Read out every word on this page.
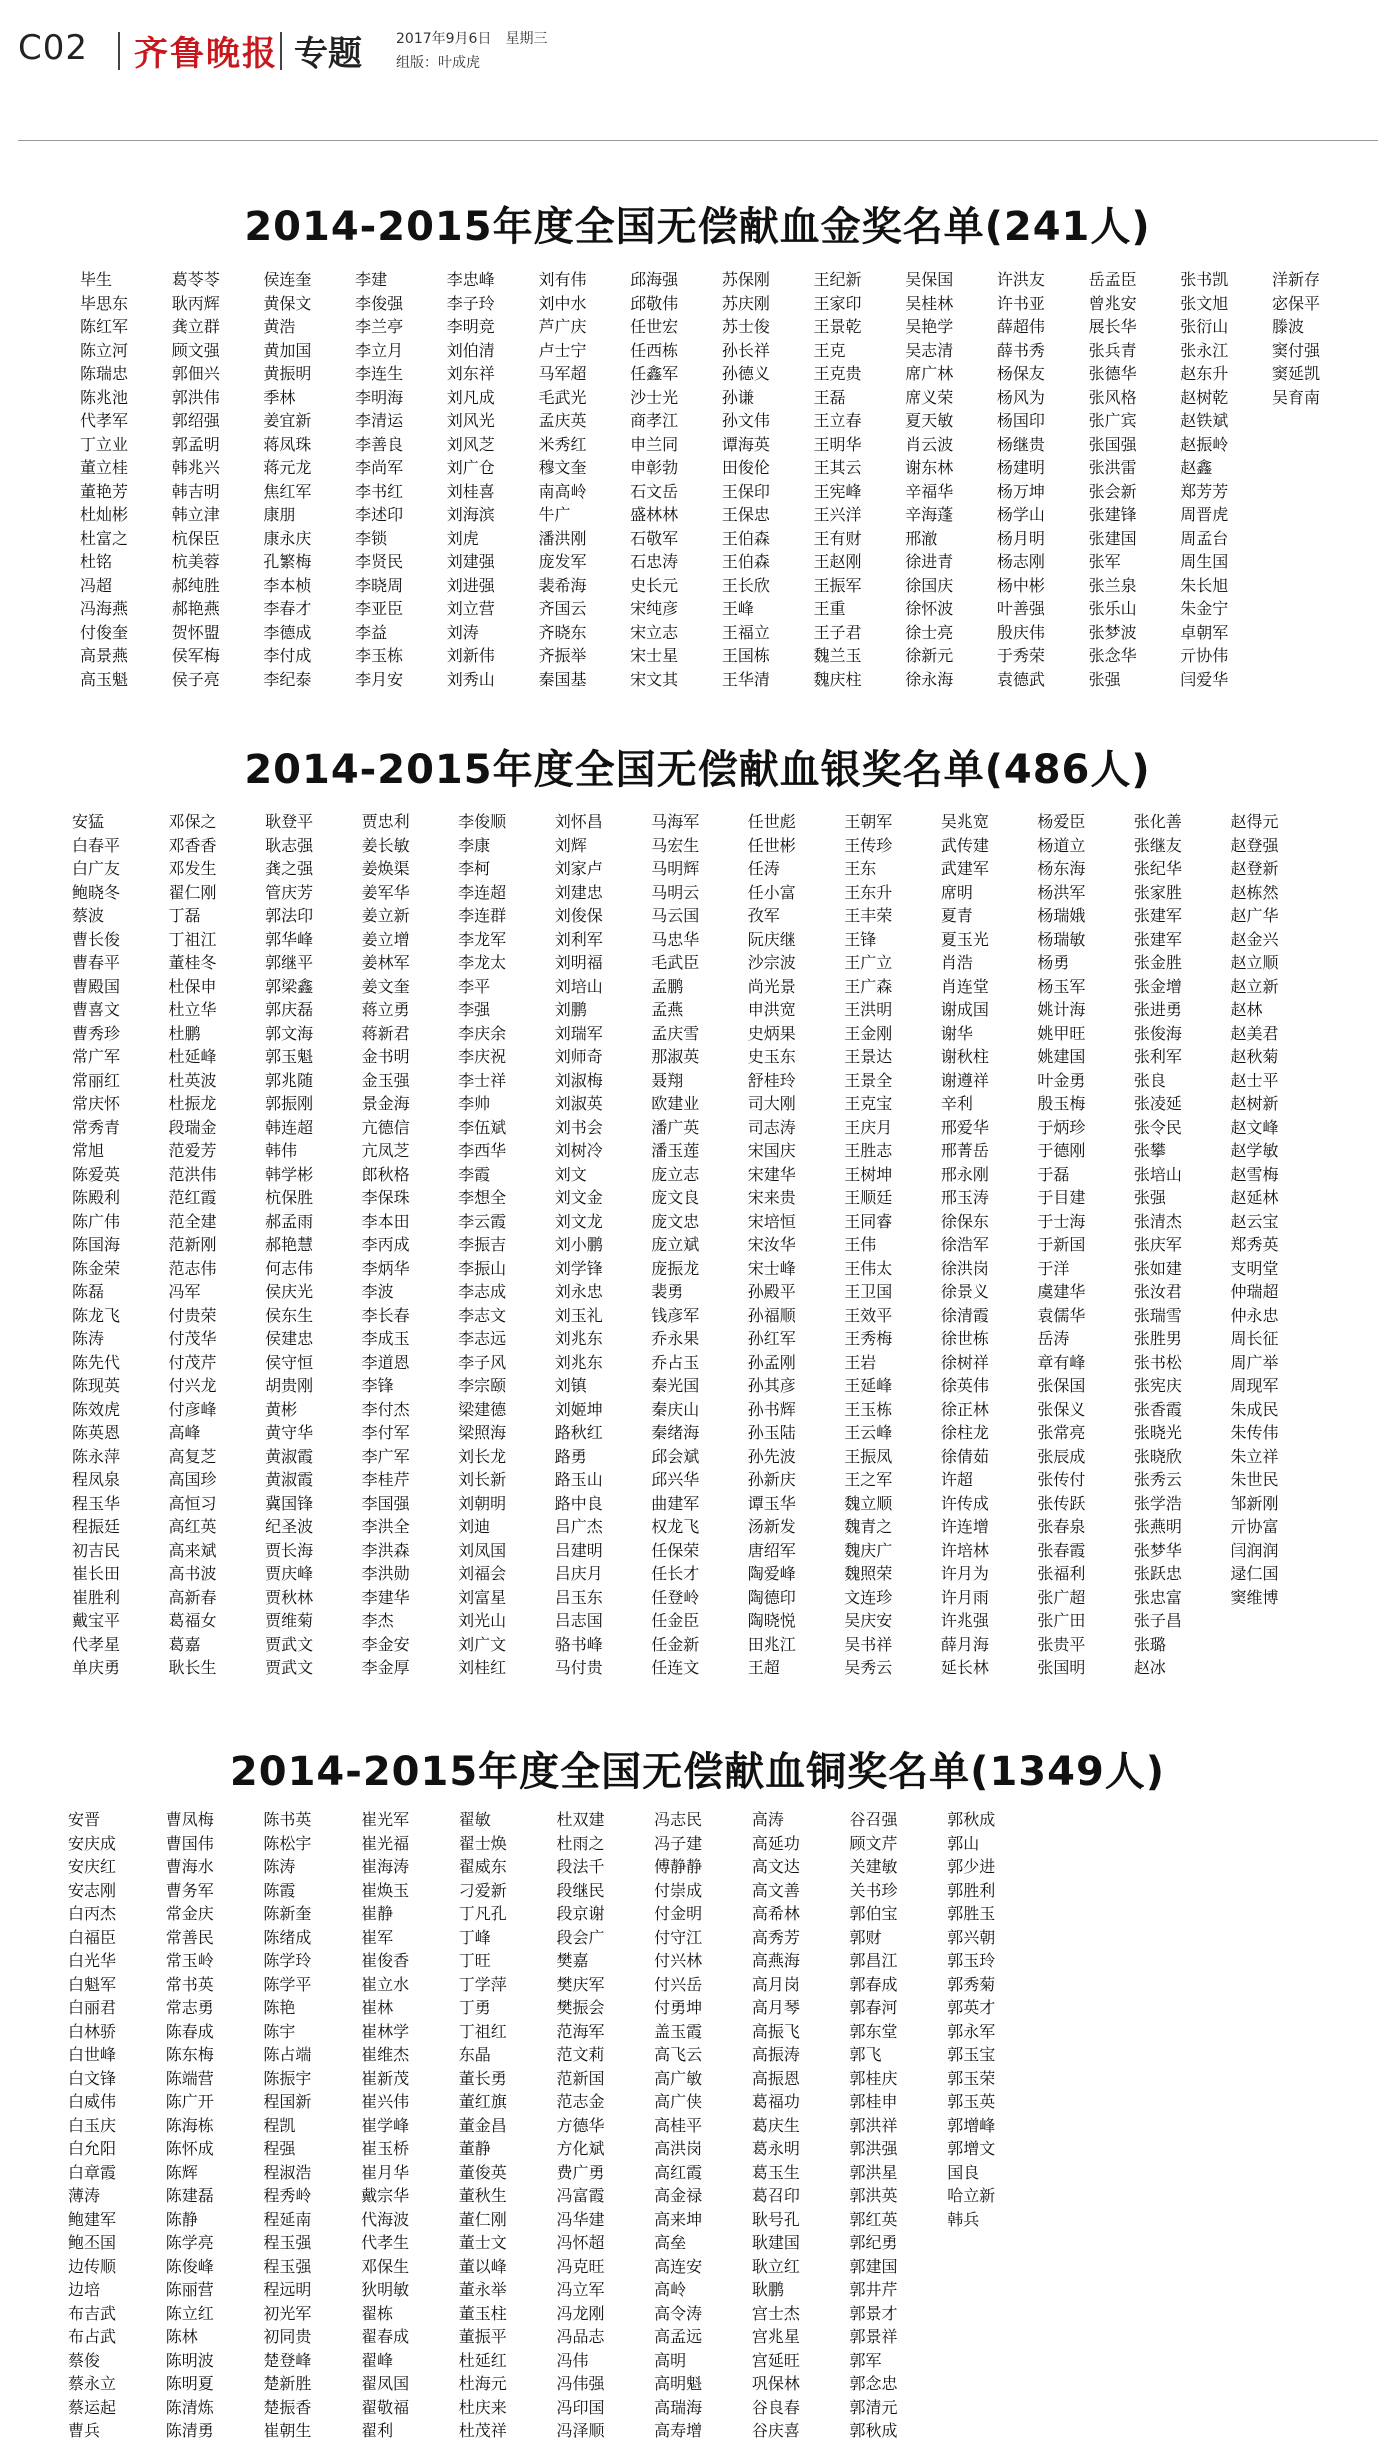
C02 齐鲁晚报 专题 2017年9月6日　星期三
组版：叶成虎
2014-2015年度全国无偿献血金奖名单(241人)
毕生
毕思东
陈红军
陈立河
陈瑞忠
陈兆池
代孝军
丁立业
董立桂
董艳芳
杜灿彬
杜富之
杜铭
冯超
冯海燕
付俊奎
高景燕
高玉魁
葛苓苓
耿丙辉
龚立群
顾文强
郭佃兴
郭洪伟
郭绍强
郭孟明
韩兆兴
韩吉明
韩立津
杭保臣
杭美蓉
郝纯胜
郝艳燕
贺怀盟
侯军梅
侯子亮
侯连奎
黄保文
黄浩
黄加国
黄振明
季林
姜宜新
蒋凤珠
蒋元龙
焦红军
康朋
康永庆
孔繁梅
李本桢
李春才
李德成
李付成
李纪泰
李建
李俊强
李兰亭
李立月
李连生
李明海
李清运
李善良
李尚军
李书红
李述印
李锁
李贤民
李晓周
李亚臣
李益
李玉栋
李月安
李忠峰
李子玲
李明竞
刘伯清
刘东祥
刘凡成
刘风光
刘风芝
刘广仓
刘桂喜
刘海滨
刘虎
刘建强
刘进强
刘立营
刘涛
刘新伟
刘秀山
刘有伟
刘中水
芦广庆
卢士宁
马军超
毛武光
孟庆英
米秀红
穆文奎
南高岭
牛广
潘洪刚
庞发军
裴希海
齐国云
齐晓东
齐振举
秦国基
邱海强
邱敬伟
任世宏
任西栋
任鑫军
沙士光
商孝江
申兰同
申彰勃
石文岳
盛林林
石敬军
石忠涛
史长元
宋纯彦
宋立志
宋士星
宋文其
苏保刚
苏庆刚
苏士俊
孙长祥
孙德义
孙谦
孙文伟
谭海英
田俊伦
王保印
王保忠
王伯森
王伯森
王长欣
王峰
王福立
王国栋
王华清
王纪新
王家印
王景乾
王克
王克贵
王磊
王立春
王明华
王其云
王宪峰
王兴洋
王有财
王赵刚
王振军
王重
王子君
魏兰玉
魏庆柱
吴保国
吴桂林
吴艳学
吴志清
席广林
席义荣
夏天敏
肖云波
谢东林
辛福华
辛海蓬
邢澈
徐进青
徐国庆
徐怀波
徐士亮
徐新元
徐永海
许洪友
许书亚
薛超伟
薛书秀
杨保友
杨风为
杨国印
杨继贵
杨建明
杨万坤
杨学山
杨月明
杨志刚
杨中彬
叶善强
殷庆伟
于秀荣
袁德武
岳孟臣
曾兆安
展长华
张兵青
张德华
张风格
张广宾
张国强
张洪雷
张会新
张建锋
张建国
张军
张兰泉
张乐山
张梦波
张念华
张强
张书凯
张文旭
张衍山
张永江
赵东升
赵树乾
赵铁斌
赵振岭
赵鑫
郑芳芳
周晋虎
周孟台
周生国
朱长旭
朱金宁
卓朝军
亓协伟
闫爱华
洋新存
宓保平
滕波
窦付强
窦延凯
吴育南
2014-2015年度全国无偿献血银奖名单(486人)
安猛
白春平
白广友
鲍晓冬
蔡波
曹长俊
曹春平
曹殿国
曹喜文
曹秀珍
常广军
常丽红
常庆怀
常秀青
常旭
陈爱英
陈殿利
陈广伟
陈国海
陈金荣
陈磊
陈龙飞
陈涛
陈先代
陈现英
陈效虎
陈英恩
陈永萍
程凤泉
程玉华
程振廷
初吉民
崔长田
崔胜利
戴宝平
代孝星
单庆勇
邓保之
邓香香
邓发生
翟仁刚
丁磊
丁祖江
董桂冬
杜保申
杜立华
杜鹏
杜延峰
杜英波
杜振龙
段瑞金
范爱芳
范洪伟
范红霞
范全建
范新刚
范志伟
冯军
付贵荣
付茂华
付茂芹
付兴龙
付彦峰
高峰
高复芝
高国珍
高恒习
高红英
高来斌
高书波
高新春
葛福女
葛嘉
耿长生
耿登平
耿志强
龚之强
管庆芳
郭法印
郭华峰
郭继平
郭梁鑫
郭庆磊
郭文海
郭玉魁
郭兆随
郭振刚
韩连超
韩伟
韩学彬
杭保胜
郝孟雨
郝艳慧
何志伟
侯庆光
侯东生
侯建忠
侯守恒
胡贵刚
黄彬
黄守华
黄淑霞
黄淑霞
冀国锋
纪圣波
贾长海
贾庆峰
贾秋林
贾维菊
贾武文
贾武文
贾忠利
姜长敏
姜焕渠
姜军华
姜立新
姜立增
姜林军
姜文奎
蒋立勇
蒋新君
金书明
金玉强
景金海
亢德信
亢凤芝
郎秋格
李保珠
李本田
李丙成
李炳华
李波
李长春
李成玉
李道恩
李锋
李付杰
李付军
李广军
李桂芹
李国强
李洪全
李洪森
李洪勋
李建华
李杰
李金安
李金厚
李俊顺
李康
李柯
李连超
李连群
李龙军
李龙太
李平
李强
李庆余
李庆祝
李士祥
李帅
李伍斌
李西华
李霞
李想全
李云霞
李振吉
李振山
李志成
李志文
李志远
李子风
李宗颐
梁建德
梁照海
刘长龙
刘长新
刘朝明
刘迪
刘凤国
刘福会
刘富星
刘光山
刘广文
刘桂红
刘怀昌
刘辉
刘家卢
刘建忠
刘俊保
刘利军
刘明福
刘培山
刘鹏
刘瑞军
刘师奇
刘淑梅
刘淑英
刘书会
刘树冷
刘文
刘文金
刘文龙
刘小鹏
刘学锋
刘永忠
刘玉礼
刘兆东
刘兆东
刘镇
刘姬坤
路秋红
路勇
路玉山
路中良
吕广杰
吕建明
吕庆月
吕玉东
吕志国
骆书峰
马付贵
马海军
马宏生
马明辉
马明云
马云国
马忠华
毛武臣
孟鹏
孟燕
孟庆雪
那淑英
聂翔
欧建业
潘广英
潘玉莲
庞立志
庞文良
庞文忠
庞立斌
庞振龙
裴勇
钱彦军
乔永果
乔占玉
秦光国
秦庆山
秦绪海
邱会斌
邱兴华
曲建军
权龙飞
任保荣
任长才
任登岭
任金臣
任金新
任连文
任世彪
任世彬
任涛
任小富
孜军
阮庆继
沙宗波
尚光景
申洪宽
史炳果
史玉东
舒桂玲
司大刚
司志涛
宋国庆
宋建华
宋来贵
宋培恒
宋汝华
宋士峰
孙殿平
孙福顺
孙红军
孙孟刚
孙其彦
孙书辉
孙玉陆
孙先波
孙新庆
谭玉华
汤新发
唐绍军
陶爱峰
陶德印
陶晓悦
田兆江
王超
王朝军
王传珍
王东
王东升
王丰荣
王锋
王广立
王广森
王洪明
王金刚
王景达
王景全
王克宝
王庆月
王胜志
王树坤
王顺廷
王同睿
王伟
王伟太
王卫国
王效平
王秀梅
王岩
王延峰
王玉栋
王云峰
王振凤
王之军
魏立顺
魏青之
魏庆广
魏照荣
文连珍
吴庆安
吴书祥
吴秀云
吴兆宽
武传建
武建军
席明
夏青
夏玉光
肖浩
肖连堂
谢成国
谢华
谢秋柱
谢遵祥
辛利
邢爱华
邢菁岳
邢永刚
邢玉涛
徐保东
徐浩军
徐洪岗
徐景义
徐清霞
徐世栋
徐树祥
徐英伟
徐正林
徐柱龙
徐倩茹
许超
许传成
许连增
许培林
许月为
许月雨
许兆强
薛月海
延长林
杨爱臣
杨道立
杨东海
杨洪军
杨瑞娥
杨瑞敏
杨勇
杨玉军
姚计海
姚甲旺
姚建国
叶金勇
殷玉梅
于炳珍
于德刚
于磊
于目建
于士海
于新国
于洋
虞建华
袁儒华
岳涛
章有峰
张保国
张保义
张常亮
张辰成
张传付
张传跃
张春泉
张春霞
张福利
张广超
张广田
张贵平
张国明
张化善
张继友
张纪华
张家胜
张建军
张建军
张金胜
张金增
张进勇
张俊海
张利军
张良
张凌延
张令民
张攀
张培山
张强
张清杰
张庆军
张如建
张汝君
张瑞雪
张胜男
张书松
张宪庆
张香霞
张晓光
张晓欣
张秀云
张学浩
张燕明
张梦华
张跃忠
张忠富
张子昌
张璐
赵冰
赵得元
赵登强
赵登新
赵栋然
赵广华
赵金兴
赵立顺
赵立新
赵林
赵美君
赵秋菊
赵士平
赵树新
赵文峰
赵学敏
赵雪梅
赵延林
赵云宝
郑秀英
支明堂
仲瑞超
仲永忠
周长征
周广举
周现军
朱成民
朱传伟
朱立祥
朱世民
邹新刚
亓协富
闫润润
逯仁国
窦维博
2014-2015年度全国无偿献血铜奖名单(1349人)
安晋
安庆成
安庆红
安志刚
白丙杰
白福臣
白光华
白魁军
白丽君
白林骄
白世峰
白文锋
白威伟
白玉庆
白允阳
白章霞
薄涛
鲍建军
鲍丕国
边传顺
边培
布吉武
布占武
蔡俊
蔡永立
蔡运起
曹兵
曹凤梅
曹国伟
曹海水
曹务军
常金庆
常善民
常玉岭
常书英
常志勇
陈春成
陈东梅
陈端营
陈广开
陈海栋
陈怀成
陈辉
陈建磊
陈静
陈学亮
陈俊峰
陈丽营
陈立红
陈林
陈明波
陈明夏
陈清炼
陈清勇
陈书英
陈松宇
陈涛
陈霞
陈新奎
陈绪成
陈学玲
陈学平
陈艳
陈宇
陈占端
陈振宇
程国新
程凯
程强
程淑浩
程秀岭
程延南
程玉强
程玉强
程远明
初光军
初同贵
楚登峰
楚新胜
楚振香
崔朝生
崔光军
崔光福
崔海涛
崔焕玉
崔静
崔军
崔俊香
崔立水
崔林
崔林学
崔维杰
崔新茂
崔兴伟
崔学峰
崔玉桥
崔月华
戴宗华
代海波
代孝生
邓保生
狄明敏
翟栋
翟春成
翟峰
翟凤国
翟敬福
翟利
翟敏
翟士焕
翟威东
刁爱新
丁凡孔
丁峰
丁旺
丁学萍
丁勇
丁祖红
东晶
董长勇
董红旗
董金昌
董静
董俊英
董秋生
董仁刚
董士文
董以峰
董永举
董玉柱
董振平
杜延红
杜海元
杜庆来
杜茂祥
杜双建
杜雨之
段法千
段继民
段京谢
段会广
樊嘉
樊庆军
樊振会
范海军
范文莉
范新国
范志金
方德华
方化斌
费广勇
冯富霞
冯华建
冯怀超
冯克旺
冯立军
冯龙刚
冯品志
冯伟
冯伟强
冯印国
冯泽顺
冯志民
冯子建
傅静静
付崇成
付金明
付守江
付兴林
付兴岳
付勇坤
盖玉霞
高飞云
高广敏
高广侠
高桂平
高洪岗
高红霞
高金禄
高来坤
高垒
高连安
高岭
高令涛
高孟远
高明
高明魁
高瑞海
高寿增
高涛
高延功
高文达
高文善
高希林
高秀芳
高燕海
高月岗
高月琴
高振飞
高振涛
高振恩
葛福功
葛庆生
葛永明
葛玉生
葛召印
耿号孔
耿建国
耿立红
耿鹏
宫士杰
宫兆星
宫延旺
巩保林
谷良春
谷庆喜
谷召强
顾文芹
关建敏
关书珍
郭伯宝
郭财
郭昌江
郭春成
郭春河
郭东堂
郭飞
郭桂庆
郭桂申
郭洪祥
郭洪强
郭洪星
郭洪英
郭红英
郭纪勇
郭建国
郭井芹
郭景才
郭景祥
郭军
郭念忠
郭清元
郭秋成
郭秋成
郭山
郭少进
郭胜利
郭胜玉
郭兴朝
郭玉玲
郭秀菊
郭英才
郭永军
郭玉宝
郭玉荣
郭玉英
郭增峰
郭增文
国良
哈立新
韩兵
